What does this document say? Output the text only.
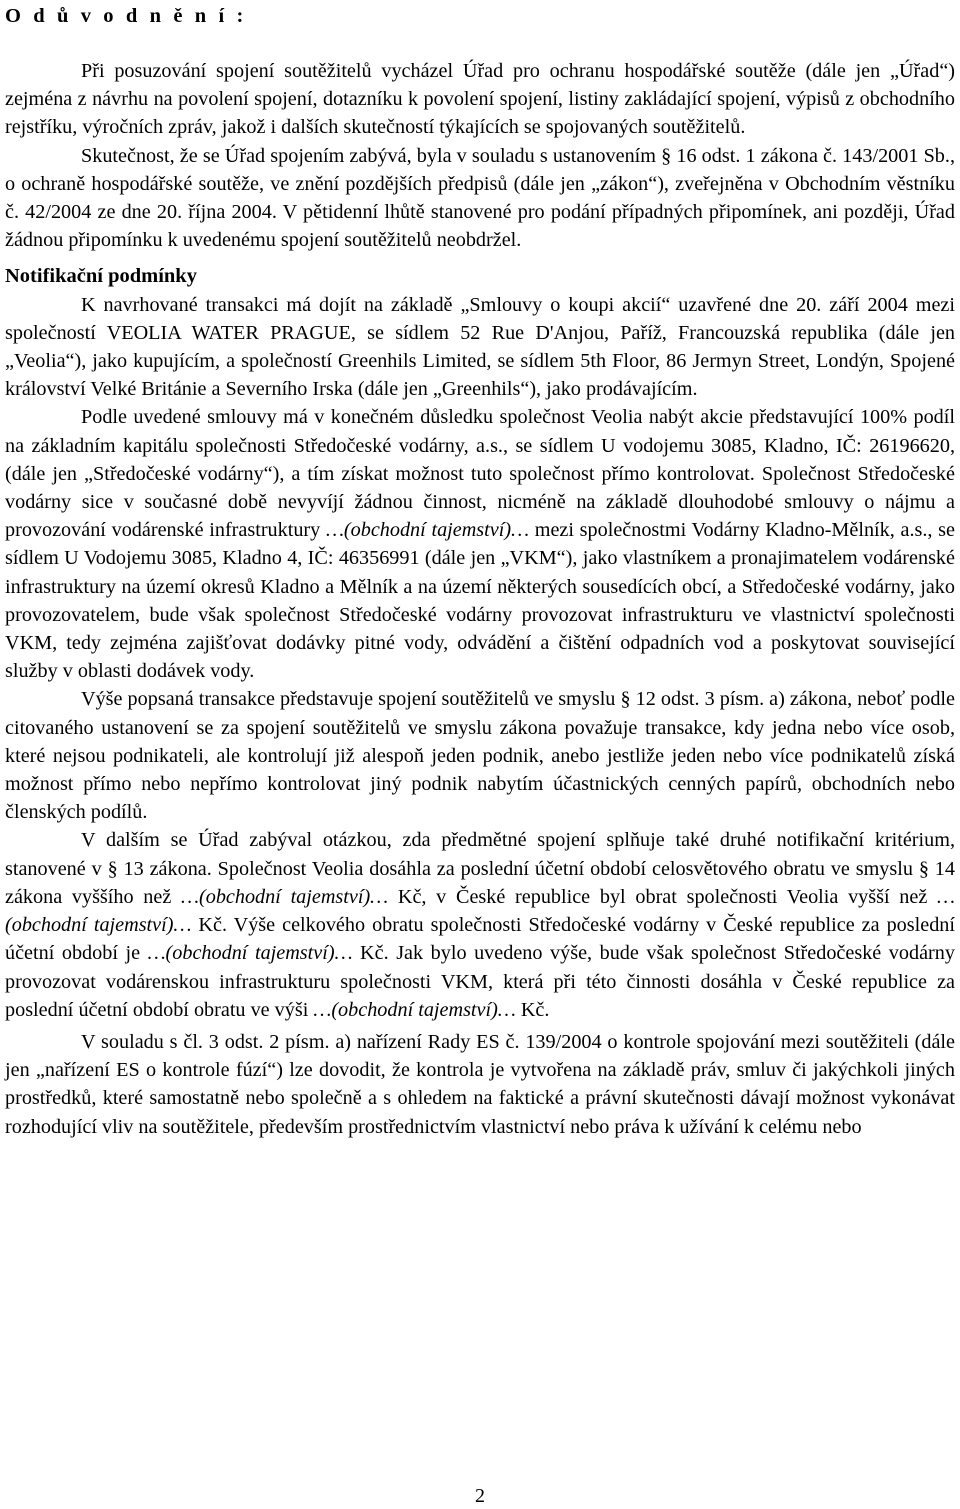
O d ů v o d n ě n í :

Při posuzování spojení soutěžitelů vycházel Úřad pro ochranu hospodářské soutěže (dále jen „Úřad“) zejména z návrhu na povolení spojení, dotazníku k povolení spojení, listiny zakládající spojení, výpisů z obchodního rejstříku, výročních zpráv, jakož i dalších skutečností týkajících se spojovaných soutěžitelů.

Skutečnost, že se Úřad spojením zabývá, byla v souladu s ustanovením § 16 odst. 1 zákona č. 143/2001 Sb., o ochraně hospodářské soutěže, ve znění pozdějších předpisů (dále jen „zákon“), zveřejněna v Obchodním věstníku č. 42/2004 ze dne 20. října 2004. V pětidenní lhůtě stanovené pro podání případných připomínek, ani později, Úřad žádnou připomínku k uvedenému spojení soutěžitelů neobdržel.

Notifikační podmínky

K navrhované transakci má dojít na základě „Smlouvy o koupi akcií“ uzavřené dne 20. září 2004 mezi společností VEOLIA WATER PRAGUE, se sídlem 52 Rue D'Anjou, Paříž, Francouzská republika (dále jen „Veolia“), jako kupujícím, a společností Greenhils Limited, se sídlem 5th Floor, 86 Jermyn Street, Londýn, Spojené království Velké Británie a Severního Irska (dále jen „Greenhils“), jako prodávajícím.

Podle uvedené smlouvy má v konečném důsledku společnost Veolia nabýt akcie představující 100% podíl na základním kapitálu společnosti Středočeské vodárny, a.s., se sídlem U vodojemu 3085, Kladno, IČ: 26196620, (dále jen „Středočeské vodárny“), a tím získat možnost tuto společnost přímo kontrolovat. Společnost Středočeské vodárny sice v současné době nevyvíjí žádnou činnost, nicméně na základě dlouhodobé smlouvy o nájmu a provozování vodárenské infrastruktury …(obchodní tajemství)… mezi společnostmi Vodárny Kladno-Mělník, a.s., se sídlem U Vodojemu 3085, Kladno 4, IČ: 46356991 (dále jen „VKM“), jako vlastníkem a pronajimatelem vodárenské infrastruktury na území okresů Kladno a Mělník a na území některých sousedících obcí, a Středočeské vodárny, jako provozovatelem, bude však společnost Středočeské vodárny provozovat infrastrukturu ve vlastnictví společnosti VKM, tedy zejména zajišťovat dodávky pitné vody, odvádění a čištění odpadních vod a poskytovat související služby v oblasti dodávek vody.

Výše popsaná transakce představuje spojení soutěžitelů ve smyslu § 12 odst. 3 písm. a) zákona, neboť podle citovaného ustanovení se za spojení soutěžitelů ve smyslu zákona považuje transakce, kdy jedna nebo více osob, které nejsou podnikateli, ale kontrolují již alespoň jeden podnik, anebo jestliže jeden nebo více podnikatelů získá možnost přímo nebo nepřímo kontrolovat jiný podnik nabytím účastnických cenných papírů, obchodních nebo členských podílů.

V dalším se Úřad zabýval otázkou, zda předmětné spojení splňuje také druhé notifikační kritérium, stanovené v § 13 zákona. Společnost Veolia dosáhla za poslední účetní období celosvětového obratu ve smyslu § 14 zákona vyššího než …(obchodní tajemství)… Kč, v České republice byl obrat společnosti Veolia vyšší než …(obchodní tajemství)… Kč. Výše celkového obratu společnosti Středočeské vodárny v České republice za poslední účetní období je …(obchodní tajemství)… Kč. Jak bylo uvedeno výše, bude však společnost Středočeské vodárny provozovat vodárenskou infrastrukturu společnosti VKM, která při této činnosti dosáhla v České republice za poslední účetní období obratu ve výši …(obchodní tajemství)… Kč.

V souladu s čl. 3 odst. 2 písm. a) nařízení Rady ES č. 139/2004 o kontrole spojování mezi soutěžiteli (dále jen „nařízení ES o kontrole fúzí“) lze dovodit, že kontrola je vytvořena na základě práv, smluv či jakýchkoli jiných prostředků, které samostatně nebo společně a s ohledem na faktické a právní skutečnosti dávají možnost vykonávat rozhodující vliv na soutěžitele, především prostřednictvím vlastnictví nebo práva k užívání k celému nebo

2
